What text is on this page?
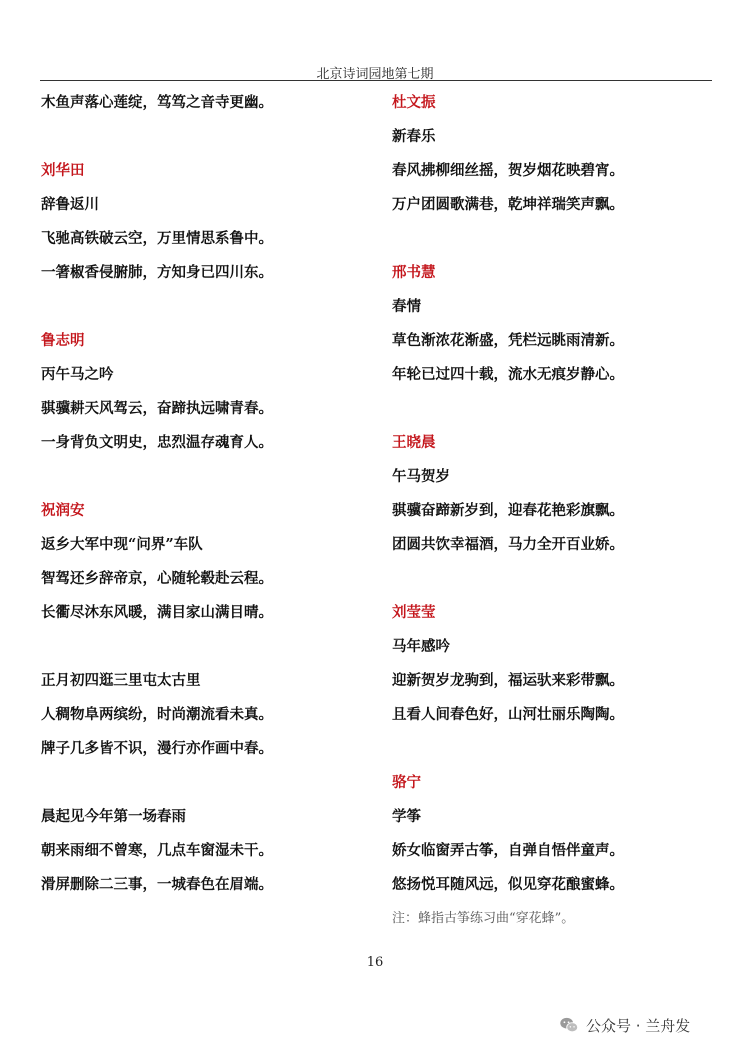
北京诗词园地第七期
木鱼声落心莲绽，笃笃之音寺更幽。
刘华田
辞鲁返川
飞驰高铁破云空，万里情思系鲁中。
一箸椒香侵腑肺，方知身已四川东。
鲁志明
丙午马之吟
骐骥耕天风驾云，奋蹄执远啸青春。
一身背负文明史，忠烈温存魂育人。
祝润安
返乡大军中现“问界”车队
智驾还乡辞帝京，心随轮毂赴云程。
长衢尽沐东风暖，满目家山满目晴。
正月初四逛三里屯太古里
人稠物阜两缤纷，时尚潮流看未真。
牌子几多皆不识，漫行亦作画中春。
晨起见今年第一场春雨
朝来雨细不曾寒，几点车窗湿未干。
滑屏删除二三事，一城春色在眉端。
杜文振
新春乐
春风拂柳细丝摇，贺岁烟花映碧宵。
万户团圆歌满巷，乾坤祥瑞笑声飘。
邢书慧
春情
草色渐浓花渐盛，凭栏远眺雨清新。
年轮已过四十载，流水无痕岁静心。
王晓晨
午马贺岁
骐骥奋蹄新岁到，迎春花艳彩旗飘。
团圆共饮幸福酒，马力全开百业娇。
刘莹莹
马年感吟
迎新贺岁龙驹到，福运驮来彩带飘。
且看人间春色好，山河壮丽乐陶陶。
骆宁
学筝
娇女临窗弄古筝，自弹自悟伴童声。
悠扬悦耳随风远，似见穿花酿蜜蜂。
注：蜂指古筝练习曲“穿花蜂”。
16
公众号 · 兰舟发
